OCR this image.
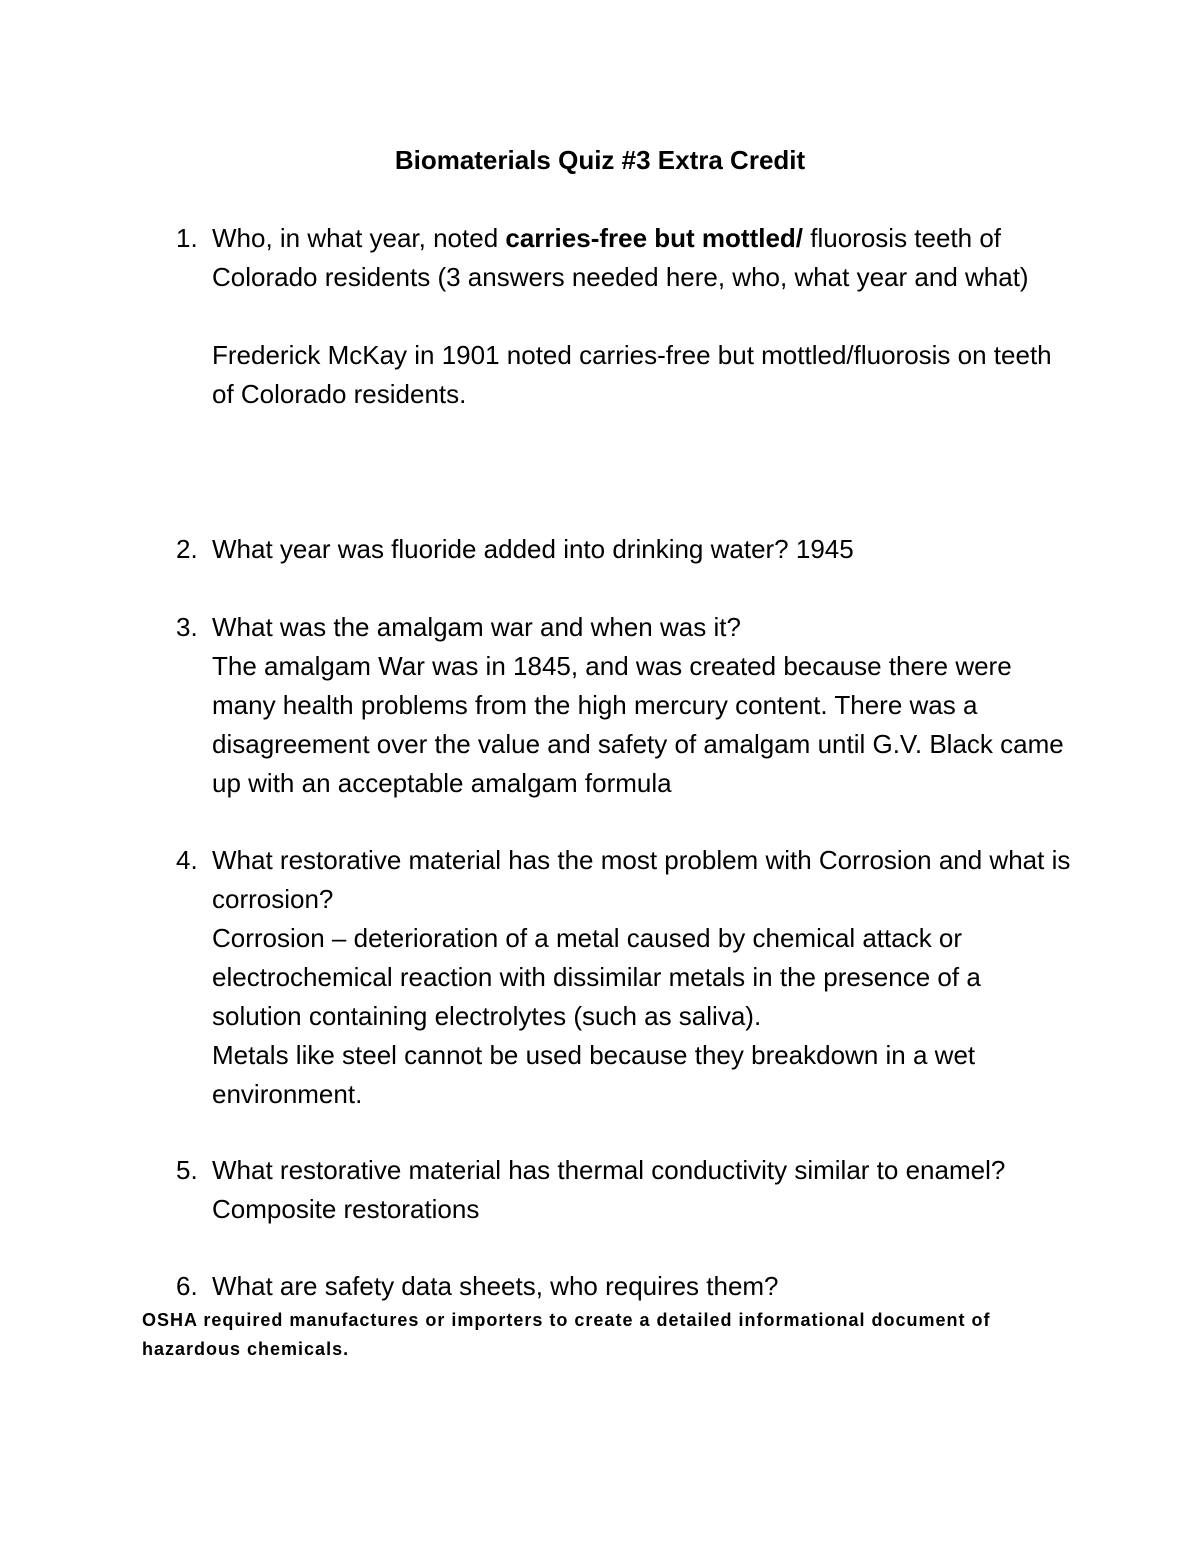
Biomaterials Quiz #3 Extra Credit
1. Who, in what year, noted carries-free but mottled/ fluorosis teeth of Colorado residents (3 answers needed here, who, what year and what)
Frederick McKay in 1901 noted carries-free but mottled/fluorosis on teeth of Colorado residents.
2. What year was fluoride added into drinking water? 1945
3. What was the amalgam war and when was it?
The amalgam War was in 1845, and was created because there were many health problems from the high mercury content. There was a disagreement over the value and safety of amalgam until G.V. Black came up with an acceptable amalgam formula
4. What restorative material has the most problem with Corrosion and what is corrosion?
Corrosion – deterioration of a metal caused by chemical attack or electrochemical reaction with dissimilar metals in the presence of a solution containing electrolytes (such as saliva).
Metals like steel cannot be used because they breakdown in a wet environment.
5. What restorative material has thermal conductivity similar to enamel? Composite restorations
6. What are safety data sheets, who requires them?
OSHA required manufactures or importers to create a detailed informational document of hazardous chemicals.
